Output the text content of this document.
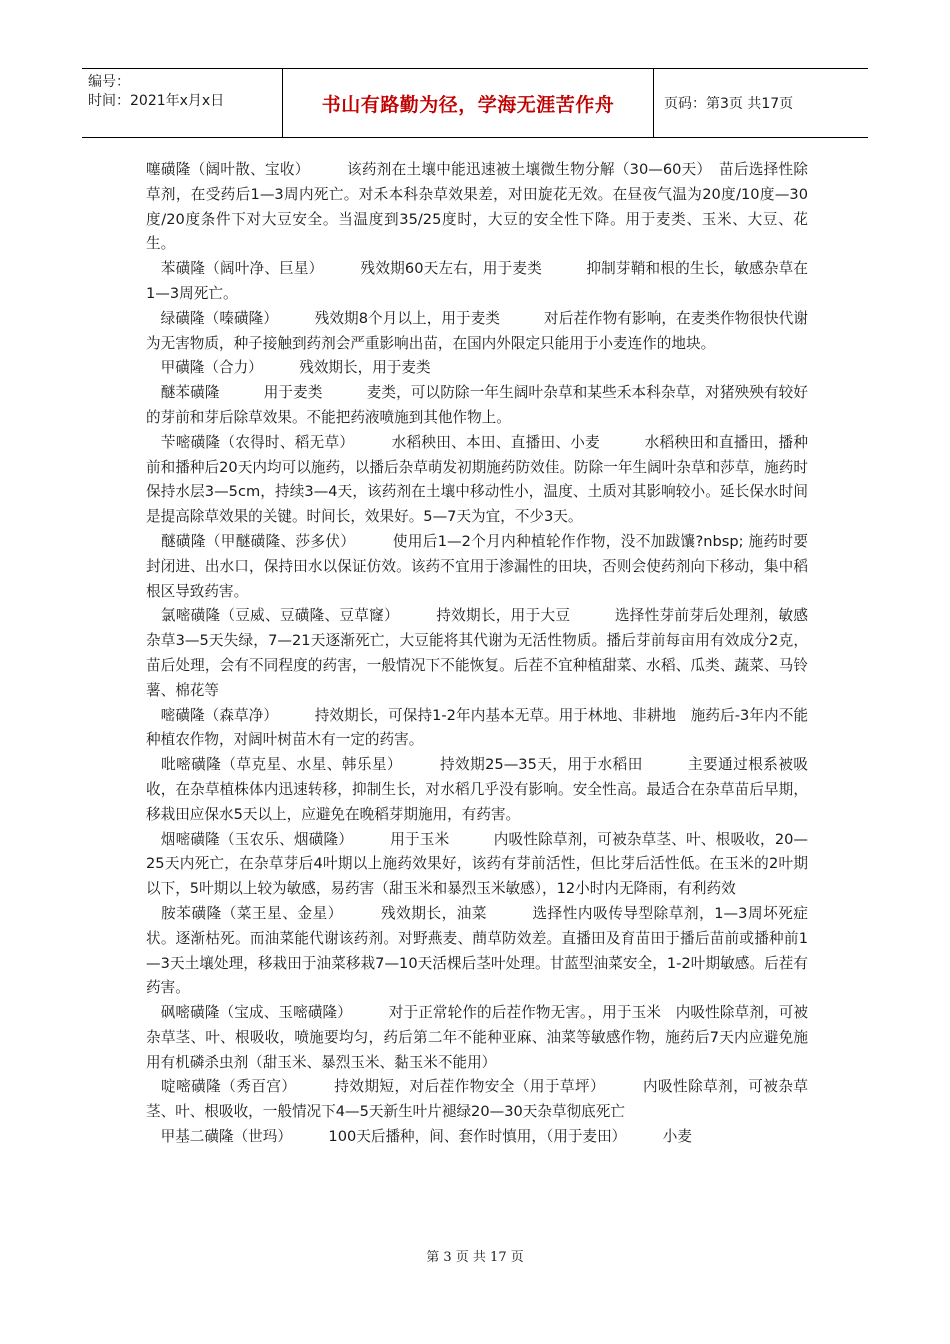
编号：
时间：2021年x月x日	书山有路勤为径，学海无涯苦作舟	页码：第3页 共17页

噻磺隆（阔叶散、宝收）　　　该药剂在土壤中能迅速被土壤微生物分解（30—60天）　苗后选择性除草剂，在受药后1—3周内死亡。对禾本科杂草效果差，对田旋花无效。在昼夜气温为20度/10度—30度/20度条件下对大豆安全。当温度到35/25度时，大豆的安全性下降。用于麦类、玉米、大豆、花生。

　苯磺隆（阔叶净、巨星）　　　残效期60天左右，用于麦类　　　抑制芽鞘和根的生长，敏感杂草在1—3周死亡。

　绿磺隆（嗪磺隆）　　　残效期8个月以上，用于麦类　　　对后茬作物有影响，在麦类作物很快代谢为无害物质，种子接触到药剂会严重影响出苗，在国内外限定只能用于小麦连作的地块。

　甲磺隆（合力）　　　残效期长，用于麦类

　醚苯磺隆　　　用于麦类　　　麦类，可以防除一年生阔叶杂草和某些禾本科杂草，对猪殃殃有较好的芽前和芽后除草效果。不能把药液喷施到其他作物上。

　苄嘧磺隆（农得时、稻无草）　　　水稻秧田、本田、直播田、小麦　　　水稻秧田和直播田，播种前和播种后20天内均可以施药，以播后杂草萌发初期施药防效佳。防除一年生阔叶杂草和莎草，施药时保持水层3—5cm，持续3—4天，该药剂在土壤中移动性小，温度、土质对其影响较小。延长保水时间是提高除草效果的关键。时间长，效果好。5—7天为宜，不少3天。

　醚磺隆（甲醚磺隆、莎多伏）　　　使用后1—2个月内种植轮作作物，没不加跋馕?nbsp; 施药时要封闭进、出水口，保持田水以保证仿效。该药不宜用于渗漏性的田块，否则会使药剂向下移动，集中稻根区导致药害。

　氯嘧磺隆（豆威、豆磺隆、豆草窿）　　　持效期长，用于大豆　　　选择性芽前芽后处理剂，敏感杂草3—5天失绿，7—21天逐渐死亡，大豆能将其代谢为无活性物质。播后芽前每亩用有效成分2克，苗后处理，会有不同程度的药害，一般情况下不能恢复。后茬不宜种植甜菜、水稻、瓜类、蔬菜、马铃薯、棉花等

　嘧磺隆（森草净）　　　持效期长，可保持1-2年内基本无草。用于林地、非耕地　施药后-3年内不能种植农作物，对阔叶树苗木有一定的药害。

　吡嘧磺隆（草克星、水星、韩乐星）　　　持效期25—35天，用于水稻田　　　主要通过根系被吸收，在杂草植株体内迅速转移，抑制生长，对水稻几乎没有影响。安全性高。最适合在杂草苗后早期，移栽田应保水5天以上，应避免在晚稻芽期施用，有药害。

　烟嘧磺隆（玉农乐、烟磺隆）　　　用于玉米　　　内吸性除草剂，可被杂草茎、叶、根吸收，20—25天内死亡，在杂草芽后4叶期以上施药效果好，该药有芽前活性，但比芽后活性低。在玉米的2叶期以下，5叶期以上较为敏感，易药害（甜玉米和暴烈玉米敏感），12小时内无降雨，有利药效

　胺苯磺隆（菜王星、金星）　　　残效期长，油菜　　　选择性内吸传导型除草剂，1—3周坏死症状。逐渐枯死。而油菜能代谢该药剂。对野燕麦、蔄草防效差。直播田及育苗田于播后苗前或播种前1—3天土壤处理，移栽田于油菜移栽7—10天活棵后茎叶处理。甘蓝型油菜安全，1-2叶期敏感。后茬有药害。

　砜嘧磺隆（宝成、玉嘧磺隆）　　　对于正常轮作的后茬作物无害。，用于玉米　内吸性除草剂，可被杂草茎、叶、根吸收，喷施要均匀，药后第二年不能种亚麻、油菜等敏感作物，施药后7天内应避免施用有机磷杀虫剂（甜玉米、暴烈玉米、黏玉米不能用）

　啶嘧磺隆（秀百宫）　　　持效期短，对后茬作物安全（用于草坪）　　　内吸性除草剂，可被杂草茎、叶、根吸收，一般情况下4—5天新生叶片褪绿20—30天杂草彻底死亡

　甲基二磺隆（世玛）　　　100天后播种，间、套作时慎用，（用于麦田）　　　小麦

第 3 页 共 17 页
